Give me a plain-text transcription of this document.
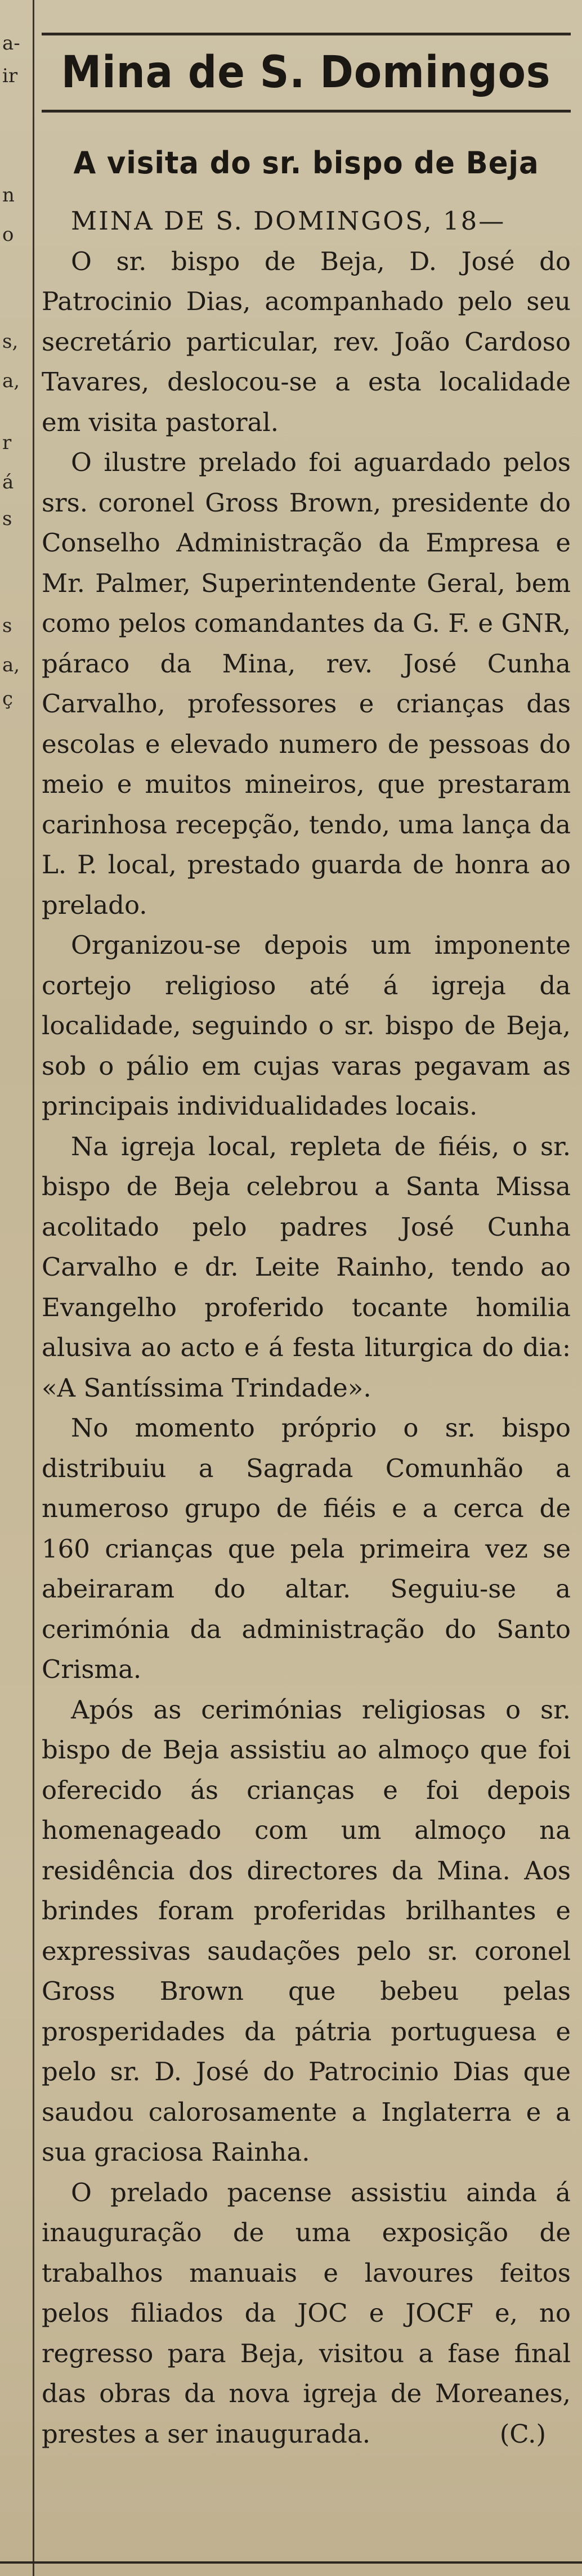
a-
ir
n
o
s,
a,
r
á
s
s
a,
ç
Mina de S. Domingos
A visita do sr. bispo de Beja

MINA DE S. DOMINGOS, 18—

O sr. bispo de Beja, D. José do Patrocinio Dias, acompanhado pelo seu secretário particular, rev. João Cardoso Tavares, deslocou-se a esta localidade em visita pastoral.

O ilustre prelado foi aguardado pelos srs. coronel Gross Brown, presidente do Conselho Administração da Empresa e Mr. Palmer, Superintendente Geral, bem como pelos comandantes da G. F. e GNR, páraco da Mina, rev. José Cunha Carvalho, professores e crianças das escolas e elevado numero de pessoas do meio e muitos mineiros, que prestaram carinhosa recepção, tendo, uma lança da L. P. local, prestado guarda de honra ao prelado.

Organizou-se depois um imponente cortejo religioso até á igreja da localidade, seguindo o sr. bispo de Beja, sob o pálio em cujas varas pegavam as principais individualidades locais.

Na igreja local, repleta de fiéis, o sr. bispo de Beja celebrou a Santa Missa acolitado pelo padres José Cunha Carvalho e dr. Leite Rainho, tendo ao Evangelho proferido tocante homilia alusiva ao acto e á festa liturgica do dia: «A Santíssima Trindade».

No momento próprio o sr. bispo distribuiu a Sagrada Comunhão a numeroso grupo de fiéis e a cerca de 160 crianças que pela primeira vez se abeiraram do altar. Seguiu-se a cerimónia da administração do Santo Crisma.

Após as cerimónias religiosas o sr. bispo de Beja assistiu ao almoço que foi oferecido ás crianças e foi depois homenageado com um almoço na residência dos directores da Mina. Aos brindes foram proferidas brilhantes e expressivas saudações pelo sr. coronel Gross Brown que bebeu pelas prosperidades da pátria portuguesa e pelo sr. D. José do Patrocinio Dias que saudou calorosamente a Inglaterra e a sua graciosa Rainha.

O prelado pacense assistiu ainda á inauguração de uma exposição de trabalhos manuais e lavoures feitos pelos filiados da JOC e JOCF e, no regresso para Beja, visitou a fase final das obras da nova igreja de Moreanes, prestes a ser inaugurada.	(C.)
